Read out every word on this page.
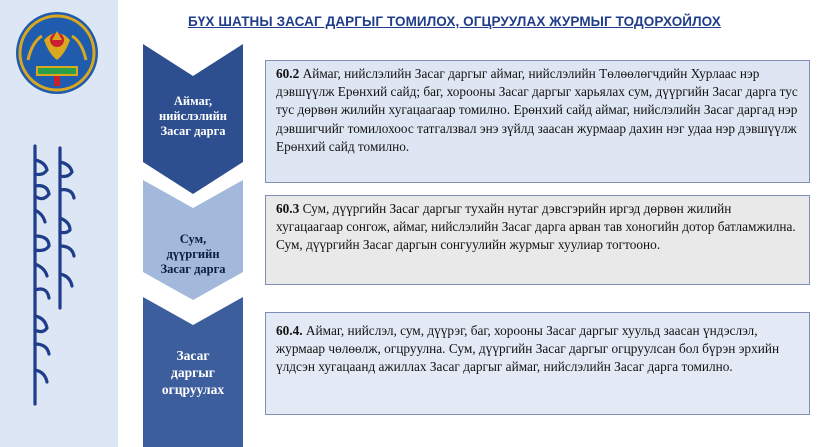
БҮХ ШАТНЫ ЗАСАГ ДАРГЫГ ТОМИЛОХ, ОГЦРУУЛАХ ЖУРМЫГ ТОДОРХОЙЛОХ
Аймаг,
нийслэлийн
Засаг дарга
Сум,
дүүргийн
Засаг дарга
Засаг
даргыг
огцруулах
60.2 Аймаг, нийслэлийн Засаг даргыг аймаг, нийслэлийн Төлөөлөгчдийн Хурлаас нэр дэвшүүлж Ерөнхий сайд; баг, хорооны Засаг даргыг харьялах сум, дүүргийн Засаг дарга тус тус дөрвөн жилийн хугацаагаар томилно. Ерөнхий сайд аймаг, нийслэлийн Засаг даргад нэр дэвшигчийг томилохоос татгалзвал энэ зүйлд заасан журмаар дахин нэг удаа нэр дэвшүүлж Ерөнхий сайд томилно.
60.3 Сум, дүүргийн Засаг даргыг тухайн нутаг дэвсгэрийн иргэд дөрвөн жилийн хугацаагаар сонгож, аймаг, нийслэлийн Засаг дарга арван тав хоногийн дотор батламжилна. Сум, дүүргийн Засаг даргын сонгуулийн журмыг хуулиар тогтооно.
60.4. Аймаг, нийслэл, сум, дүүрэг, баг, хорооны Засаг даргыг хуульд заасан үндэслэл, журмаар чөлөөлж, огцруулна. Сум, дүүргийн Засаг даргыг огцруулсан бол бүрэн эрхийн үлдсэн хугацаанд ажиллах Засаг даргыг аймаг, нийслэлийн Засаг дарга томилно.
